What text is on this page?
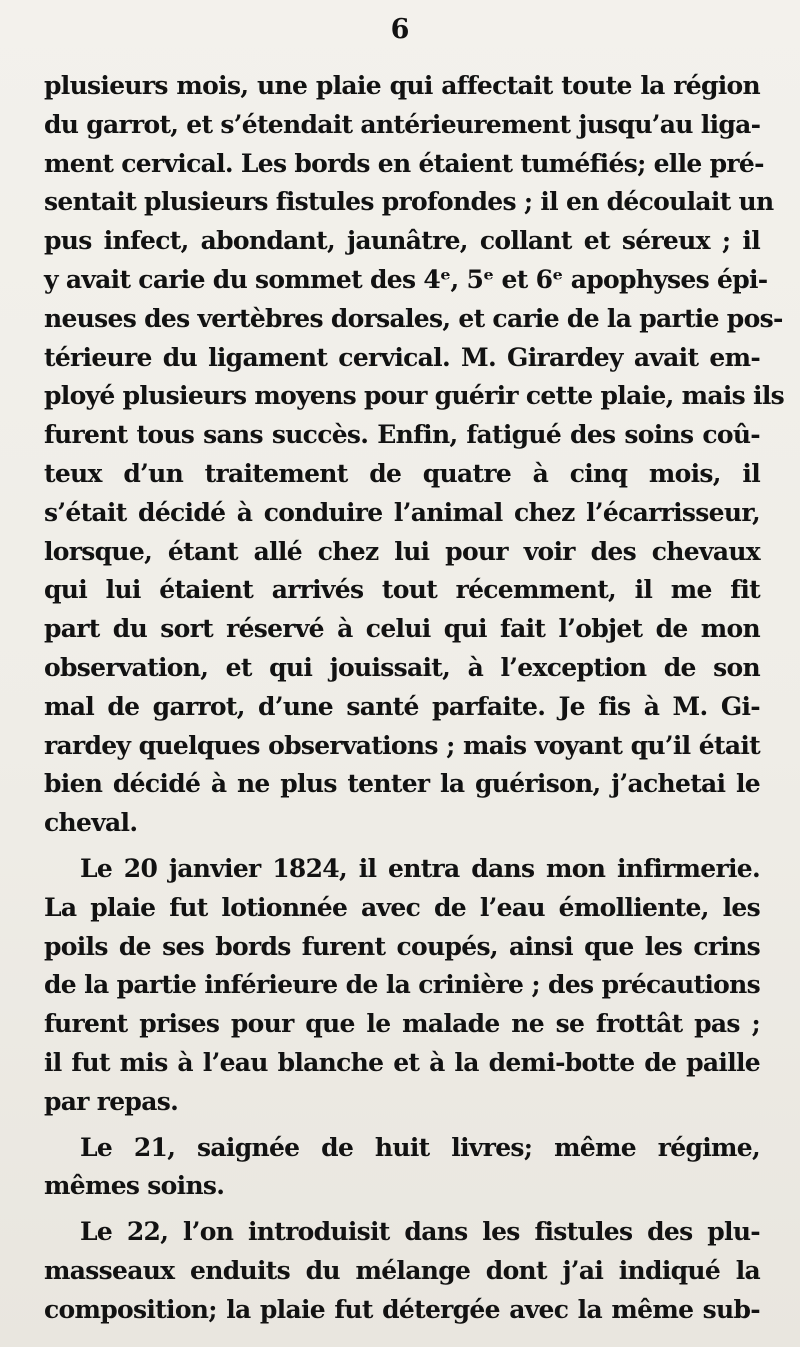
6
plusieurs mois, une plaie qui affectait toute la région
du garrot, et s’étendait antérieurement jusqu’au liga-
ment cervical. Les bords en étaient tuméfiés; elle pré-
sentait plusieurs fistules profondes ; il en découlait un
pus infect, abondant, jaunâtre, collant et séreux ; il
y avait carie du sommet des 4ᵉ, 5ᵉ et 6ᵉ apophyses épi-
neuses des vertèbres dorsales, et carie de la partie pos-
térieure du ligament cervical. M. Girardey avait em-
ployé plusieurs moyens pour guérir cette plaie, mais ils
furent tous sans succès. Enfin, fatigué des soins coû-
teux d’un traitement de quatre à cinq mois, il
s’était décidé à conduire l’animal chez l’écarrisseur,
lorsque, étant allé chez lui pour voir des chevaux
qui lui étaient arrivés tout récemment, il me fit
part du sort réservé à celui qui fait l’objet de mon
observation, et qui jouissait, à l’exception de son
mal de garrot, d’une santé parfaite. Je fis à M. Gi-
rardey quelques observations ; mais voyant qu’il était
bien décidé à ne plus tenter la guérison, j’achetai le
cheval.
Le 20 janvier 1824, il entra dans mon infirmerie.
La plaie fut lotionnée avec de l’eau émolliente, les
poils de ses bords furent coupés, ainsi que les crins
de la partie inférieure de la crinière ; des précautions
furent prises pour que le malade ne se frottât pas ;
il fut mis à l’eau blanche et à la demi-botte de paille
par repas.
Le 21, saignée de huit livres; même régime,
mêmes soins.
Le 22, l’on introduisit dans les fistules des plu-
masseaux enduits du mélange dont j’ai indiqué la
composition; la plaie fut détergée avec la même sub-
